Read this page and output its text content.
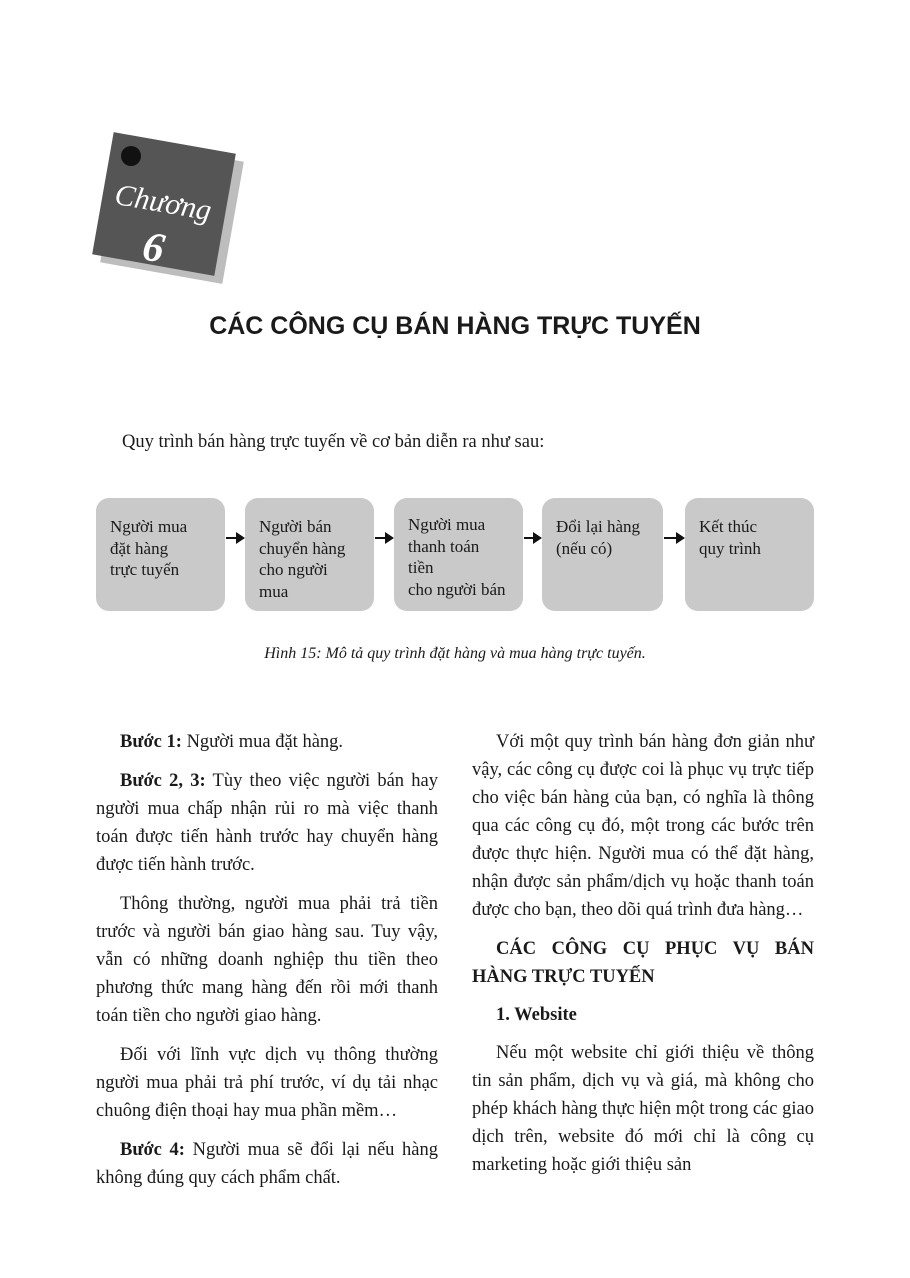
Chương
6
CÁC CÔNG CỤ BÁN HÀNG TRỰC TUYẾN
Quy trình bán hàng trực tuyến về cơ bản diễn ra như sau:
Người mua
đặt hàng
trực tuyến
Người bán
chuyển hàng
cho người mua
Người mua
thanh toán tiền
cho người bán
Đổi lại hàng
(nếu có)
Kết thúc
quy trình
Hình 15: Mô tả quy trình đặt hàng và mua hàng trực tuyến.

Bước 1: Người mua đặt hàng.

Bước 2, 3: Tùy theo việc người bán hay người mua chấp nhận rủi ro mà việc thanh toán được tiến hành trước hay chuyển hàng được tiến hành trước.

Thông thường, người mua phải trả tiền trước và người bán giao hàng sau. Tuy vậy, vẫn có những doanh nghiệp thu tiền theo phương thức mang hàng đến rồi mới thanh toán tiền cho người giao hàng.

Đối với lĩnh vực dịch vụ thông thường người mua phải trả phí trước, ví dụ tải nhạc chuông điện thoại hay mua phần mềm…

Bước 4: Người mua sẽ đổi lại nếu hàng không đúng quy cách phẩm chất.

Với một quy trình bán hàng đơn giản như vậy, các công cụ được coi là phục vụ trực tiếp cho việc bán hàng của bạn, có nghĩa là thông qua các công cụ đó, một trong các bước trên được thực hiện. Người mua có thể đặt hàng, nhận được sản phẩm/dịch vụ hoặc thanh toán được cho bạn, theo dõi quá trình đưa hàng…

CÁC CÔNG CỤ PHỤC VỤ BÁN HÀNG TRỰC TUYẾN
1. Website

Nếu một website chỉ giới thiệu về thông tin sản phẩm, dịch vụ và giá, mà không cho phép khách hàng thực hiện một trong các giao dịch trên, website đó mới chỉ là công cụ marketing hoặc giới thiệu sản
